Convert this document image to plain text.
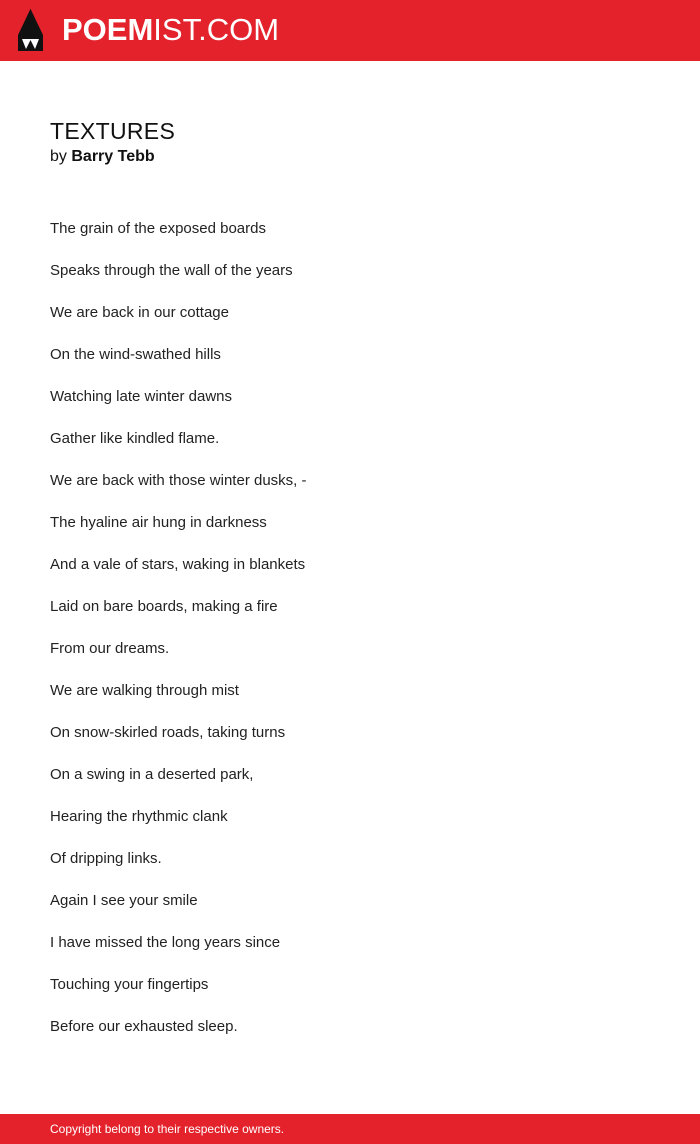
POEMIST.COM
TEXTURES

by Barry Tebb

The grain of the exposed boards
Speaks through the wall of the years
We are back in our cottage
On the wind-swathed hills
Watching late winter dawns
Gather like kindled flame.
We are back with those winter dusks, -
The hyaline air hung in darkness
And a vale of stars, waking in blankets
Laid on bare boards, making a fire
From our dreams.
We are walking through mist
On snow-skirled roads, taking turns
On a swing in a deserted park,
Hearing the rhythmic clank
Of dripping links.
Again I see your smile
I have missed the long years since
Touching your fingertips
Before our exhausted sleep.
Copyright belong to their respective owners.
